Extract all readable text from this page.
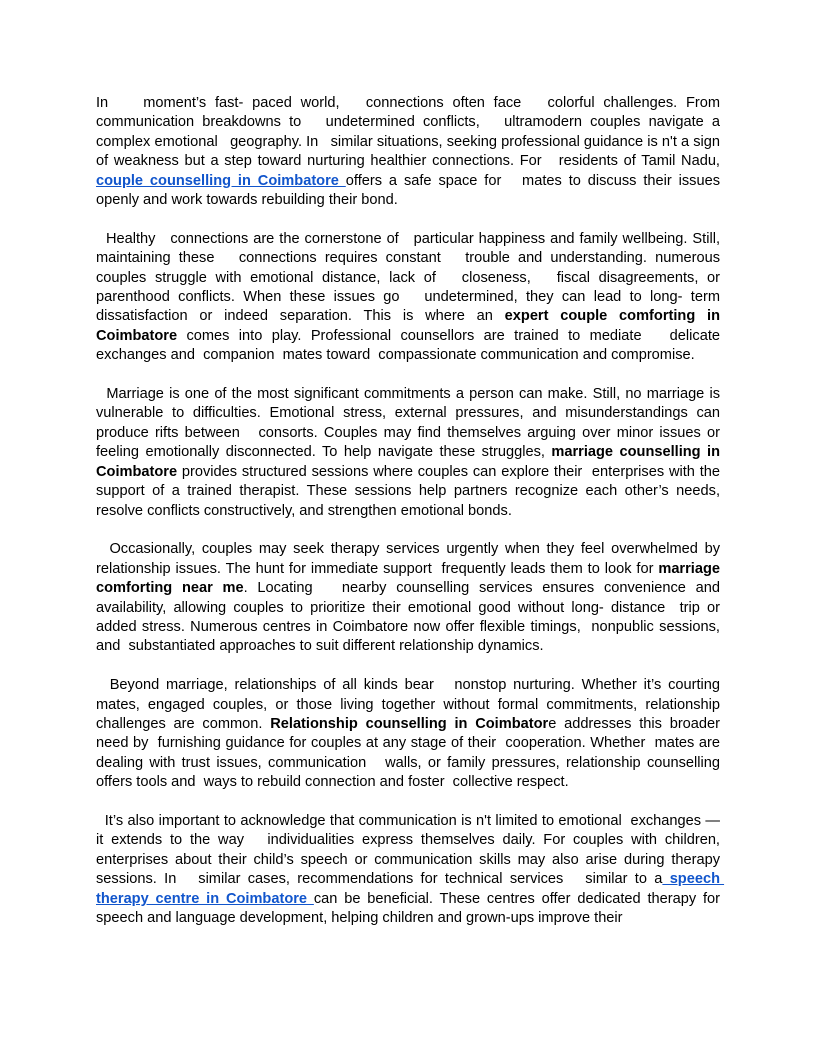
In    moment’s fast- paced world,   connections often face   colorful challenges. From communication breakdowns to   undetermined conflicts,   ultramodern couples navigate a complex emotional   geography. In   similar situations, seeking professional guidance is n't a sign of weakness but a step toward nurturing healthier connections. For   residents of Tamil Nadu, couple counselling in Coimbatore offers a safe space for   mates to discuss their issues openly and work towards rebuilding their bond.

Healthy   connections are the cornerstone of   particular happiness and family wellbeing. Still, maintaining these   connections requires constant   trouble and understanding. numerous couples struggle with emotional distance, lack of   closeness,   fiscal disagreements, or parenthood conflicts. When these issues go   undetermined, they can lead to long- term dissatisfaction or indeed separation. This is where an expert couple comforting in Coimbatore comes into play. Professional counsellors are trained to mediate   delicate exchanges and  companion  mates toward  compassionate communication and compromise.

Marriage is one of the most significant commitments a person can make. Still, no marriage is vulnerable to difficulties. Emotional stress, external pressures, and misunderstandings can produce rifts between   consorts. Couples may find themselves arguing over minor issues or feeling emotionally disconnected. To help navigate these struggles, marriage counselling in Coimbatore provides structured sessions where couples can explore their  enterprises with the support of a trained therapist. These sessions help partners recognize each other’s needs, resolve conflicts constructively, and strengthen emotional bonds.

Occasionally, couples may seek therapy services urgently when they feel overwhelmed by relationship issues. The hunt for immediate support  frequently leads them to look for marriage comforting near me. Locating   nearby counselling services ensures convenience and availability, allowing couples to prioritize their emotional good without long- distance  trip or added stress. Numerous centres in Coimbatore now offer flexible timings,  nonpublic sessions, and  substantiated approaches to suit different relationship dynamics.

Beyond marriage, relationships of all kinds bear   nonstop nurturing. Whether it’s courting mates, engaged couples, or those living together without formal commitments, relationship challenges are common. Relationship counselling in Coimbatore addresses this broader need by  furnishing guidance for couples at any stage of their  cooperation. Whether  mates are dealing with trust issues, communication   walls, or family pressures, relationship counselling offers tools and  ways to rebuild connection and foster  collective respect.

It’s also important to acknowledge that communication is n't limited to emotional  exchanges — it extends to the way   individualities express themselves daily. For couples with children, enterprises about their child’s speech or communication skills may also arise during therapy sessions. In   similar cases, recommendations for technical services   similar to a speech therapy centre in Coimbatore can be beneficial. These centres offer dedicated therapy for speech and language development, helping children and grown-ups improve their
